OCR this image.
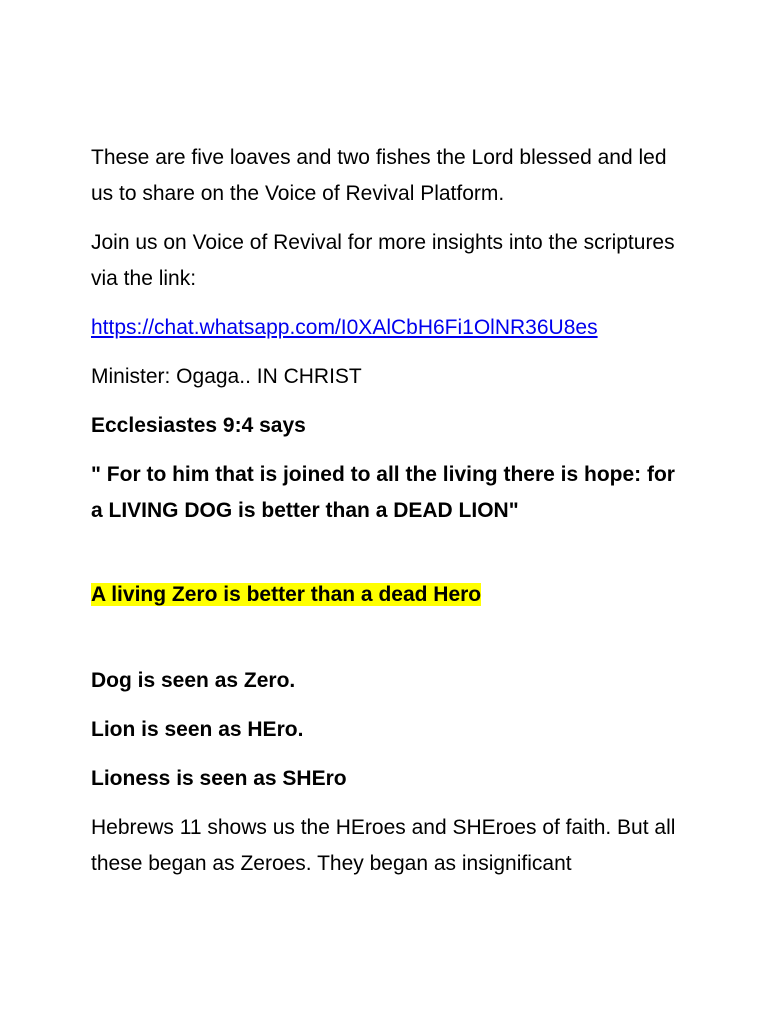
These are five loaves and two fishes the Lord blessed and led us to share on the Voice of Revival Platform.

Join us on Voice of Revival for more insights into the scriptures via the link:

https://chat.whatsapp.com/I0XAlCbH6Fi1OlNR36U8es

Minister: Ogaga.. IN CHRIST

Ecclesiastes 9:4 says

" For to him that is joined to all the living there is hope: for a LIVING DOG is better than a DEAD LION"

A living Zero is better than a dead Hero

Dog is seen as Zero.

Lion is seen as HEro.

Lioness is seen as SHEro

Hebrews 11 shows us the HEroes and SHEroes of faith. But all these began as Zeroes. They began as insignificant
